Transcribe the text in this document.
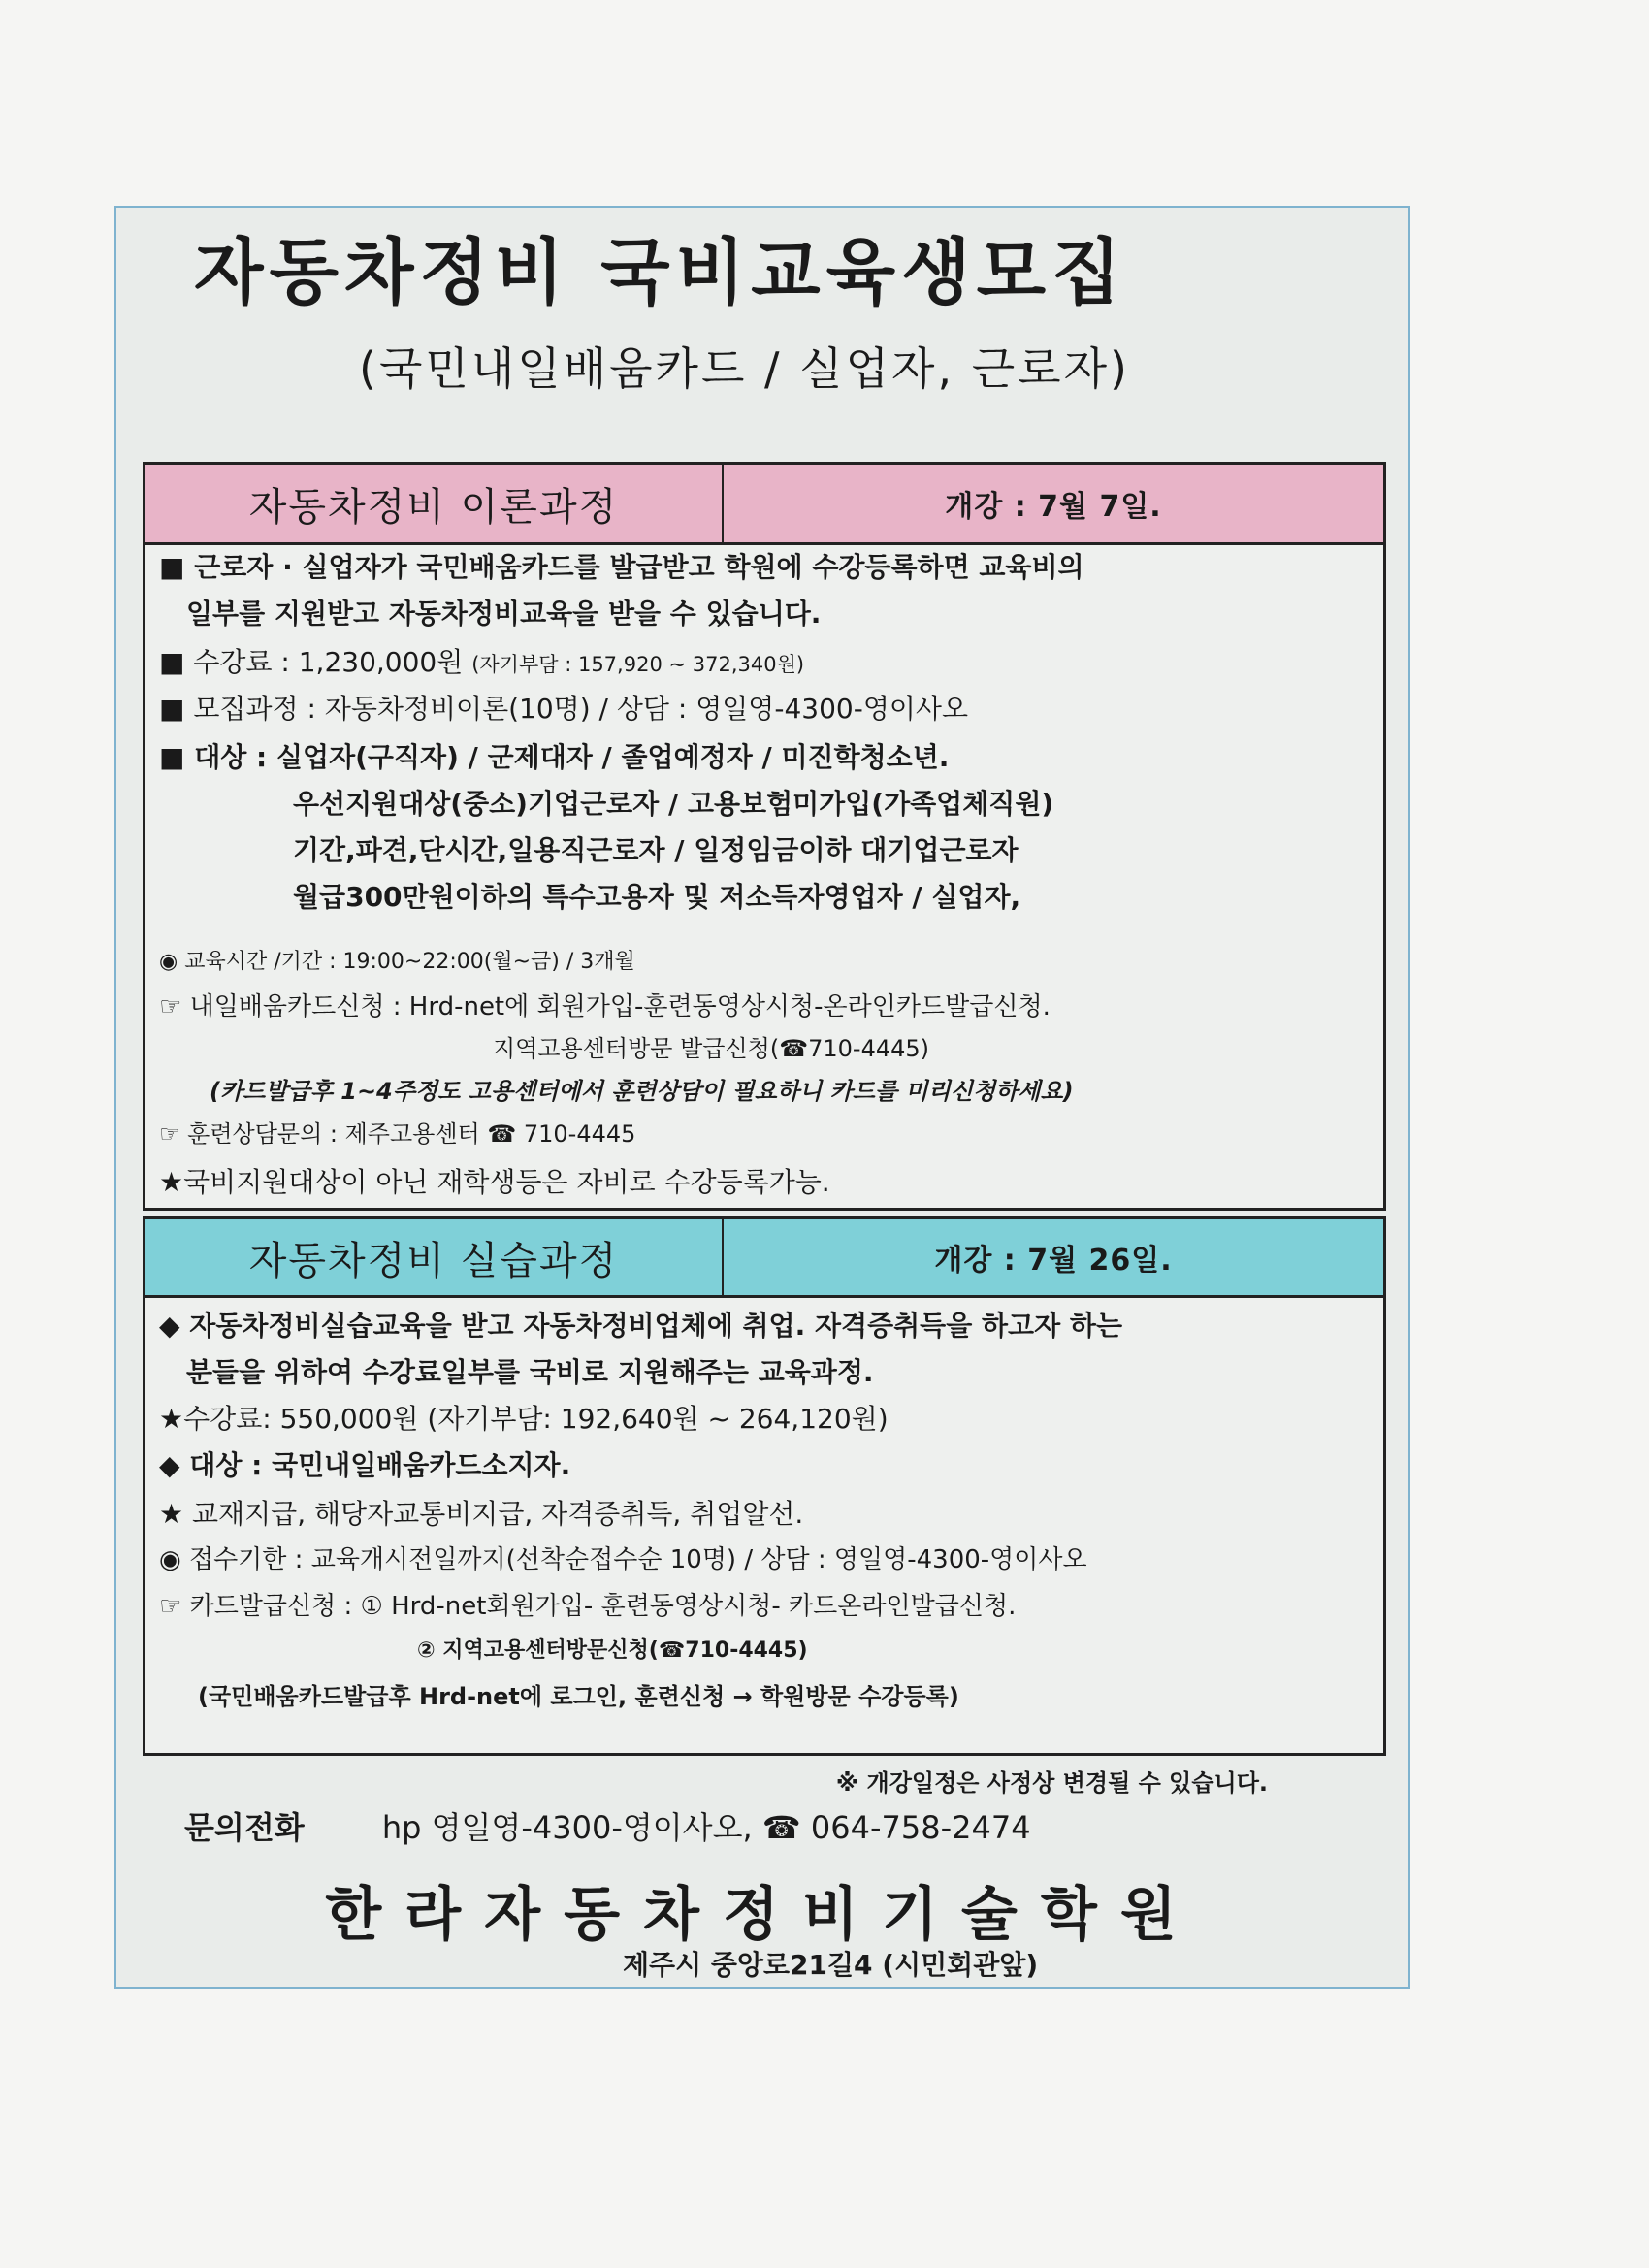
자동차정비 국비교육생모집
(국민내일배움카드 / 실업자, 근로자)
자동차정비 이론과정	개강 : 7월 7일.
■ 근로자 · 실업자가 국민배움카드를 발급받고 학원에 수강등록하면 교육비의
일부를 지원받고 자동차정비교육을 받을 수 있습니다.
■ 수강료 : 1,230,000원 (자기부담 : 157,920 ~ 372,340원)
■ 모집과정 : 자동차정비이론(10명) / 상담 : 영일영-4300-영이사오
■ 대상 : 실업자(구직자) / 군제대자 / 졸업예정자 / 미진학청소년.
우선지원대상(중소)기업근로자 / 고용보험미가입(가족업체직원)
기간,파견,단시간,일용직근로자 / 일정임금이하 대기업근로자
월급300만원이하의 특수고용자 및 저소득자영업자 / 실업자,
◉ 교육시간 /기간 : 19:00~22:00(월~금) / 3개월
☞ 내일배움카드신청 : Hrd-net에 회원가입-훈련동영상시청-온라인카드발급신청.
지역고용센터방문 발급신청(☎710-4445)
(카드발급후 1~4주정도 고용센터에서 훈련상담이 필요하니 카드를 미리신청하세요)
☞ 훈련상담문의 : 제주고용센터 ☎ 710-4445
★국비지원대상이 아닌 재학생등은 자비로 수강등록가능.
자동차정비 실습과정	개강 : 7월 26일.
◆ 자동차정비실습교육을 받고 자동차정비업체에 취업. 자격증취득을 하고자 하는
분들을 위하여 수강료일부를 국비로 지원해주는 교육과정.
★수강료: 550,000원 (자기부담: 192,640원 ~ 264,120원)
◆ 대상 : 국민내일배움카드소지자.
★ 교재지급, 해당자교통비지급, 자격증취득, 취업알선.
◉ 접수기한 : 교육개시전일까지(선착순접수순 10명) / 상담 : 영일영-4300-영이사오
☞ 카드발급신청 : ① Hrd-net회원가입- 훈련동영상시청- 카드온라인발급신청.
② 지역고용센터방문신청(☎710-4445)
(국민배움카드발급후 Hrd-net에 로그인, 훈련신청 → 학원방문 수강등록)
※ 개강일정은 사정상 변경될 수 있습니다.
문의전화	hp 영일영-4300-영이사오, ☎ 064-758-2474
한라자동차정비기술학원
제주시 중앙로21길4 (시민회관앞)
